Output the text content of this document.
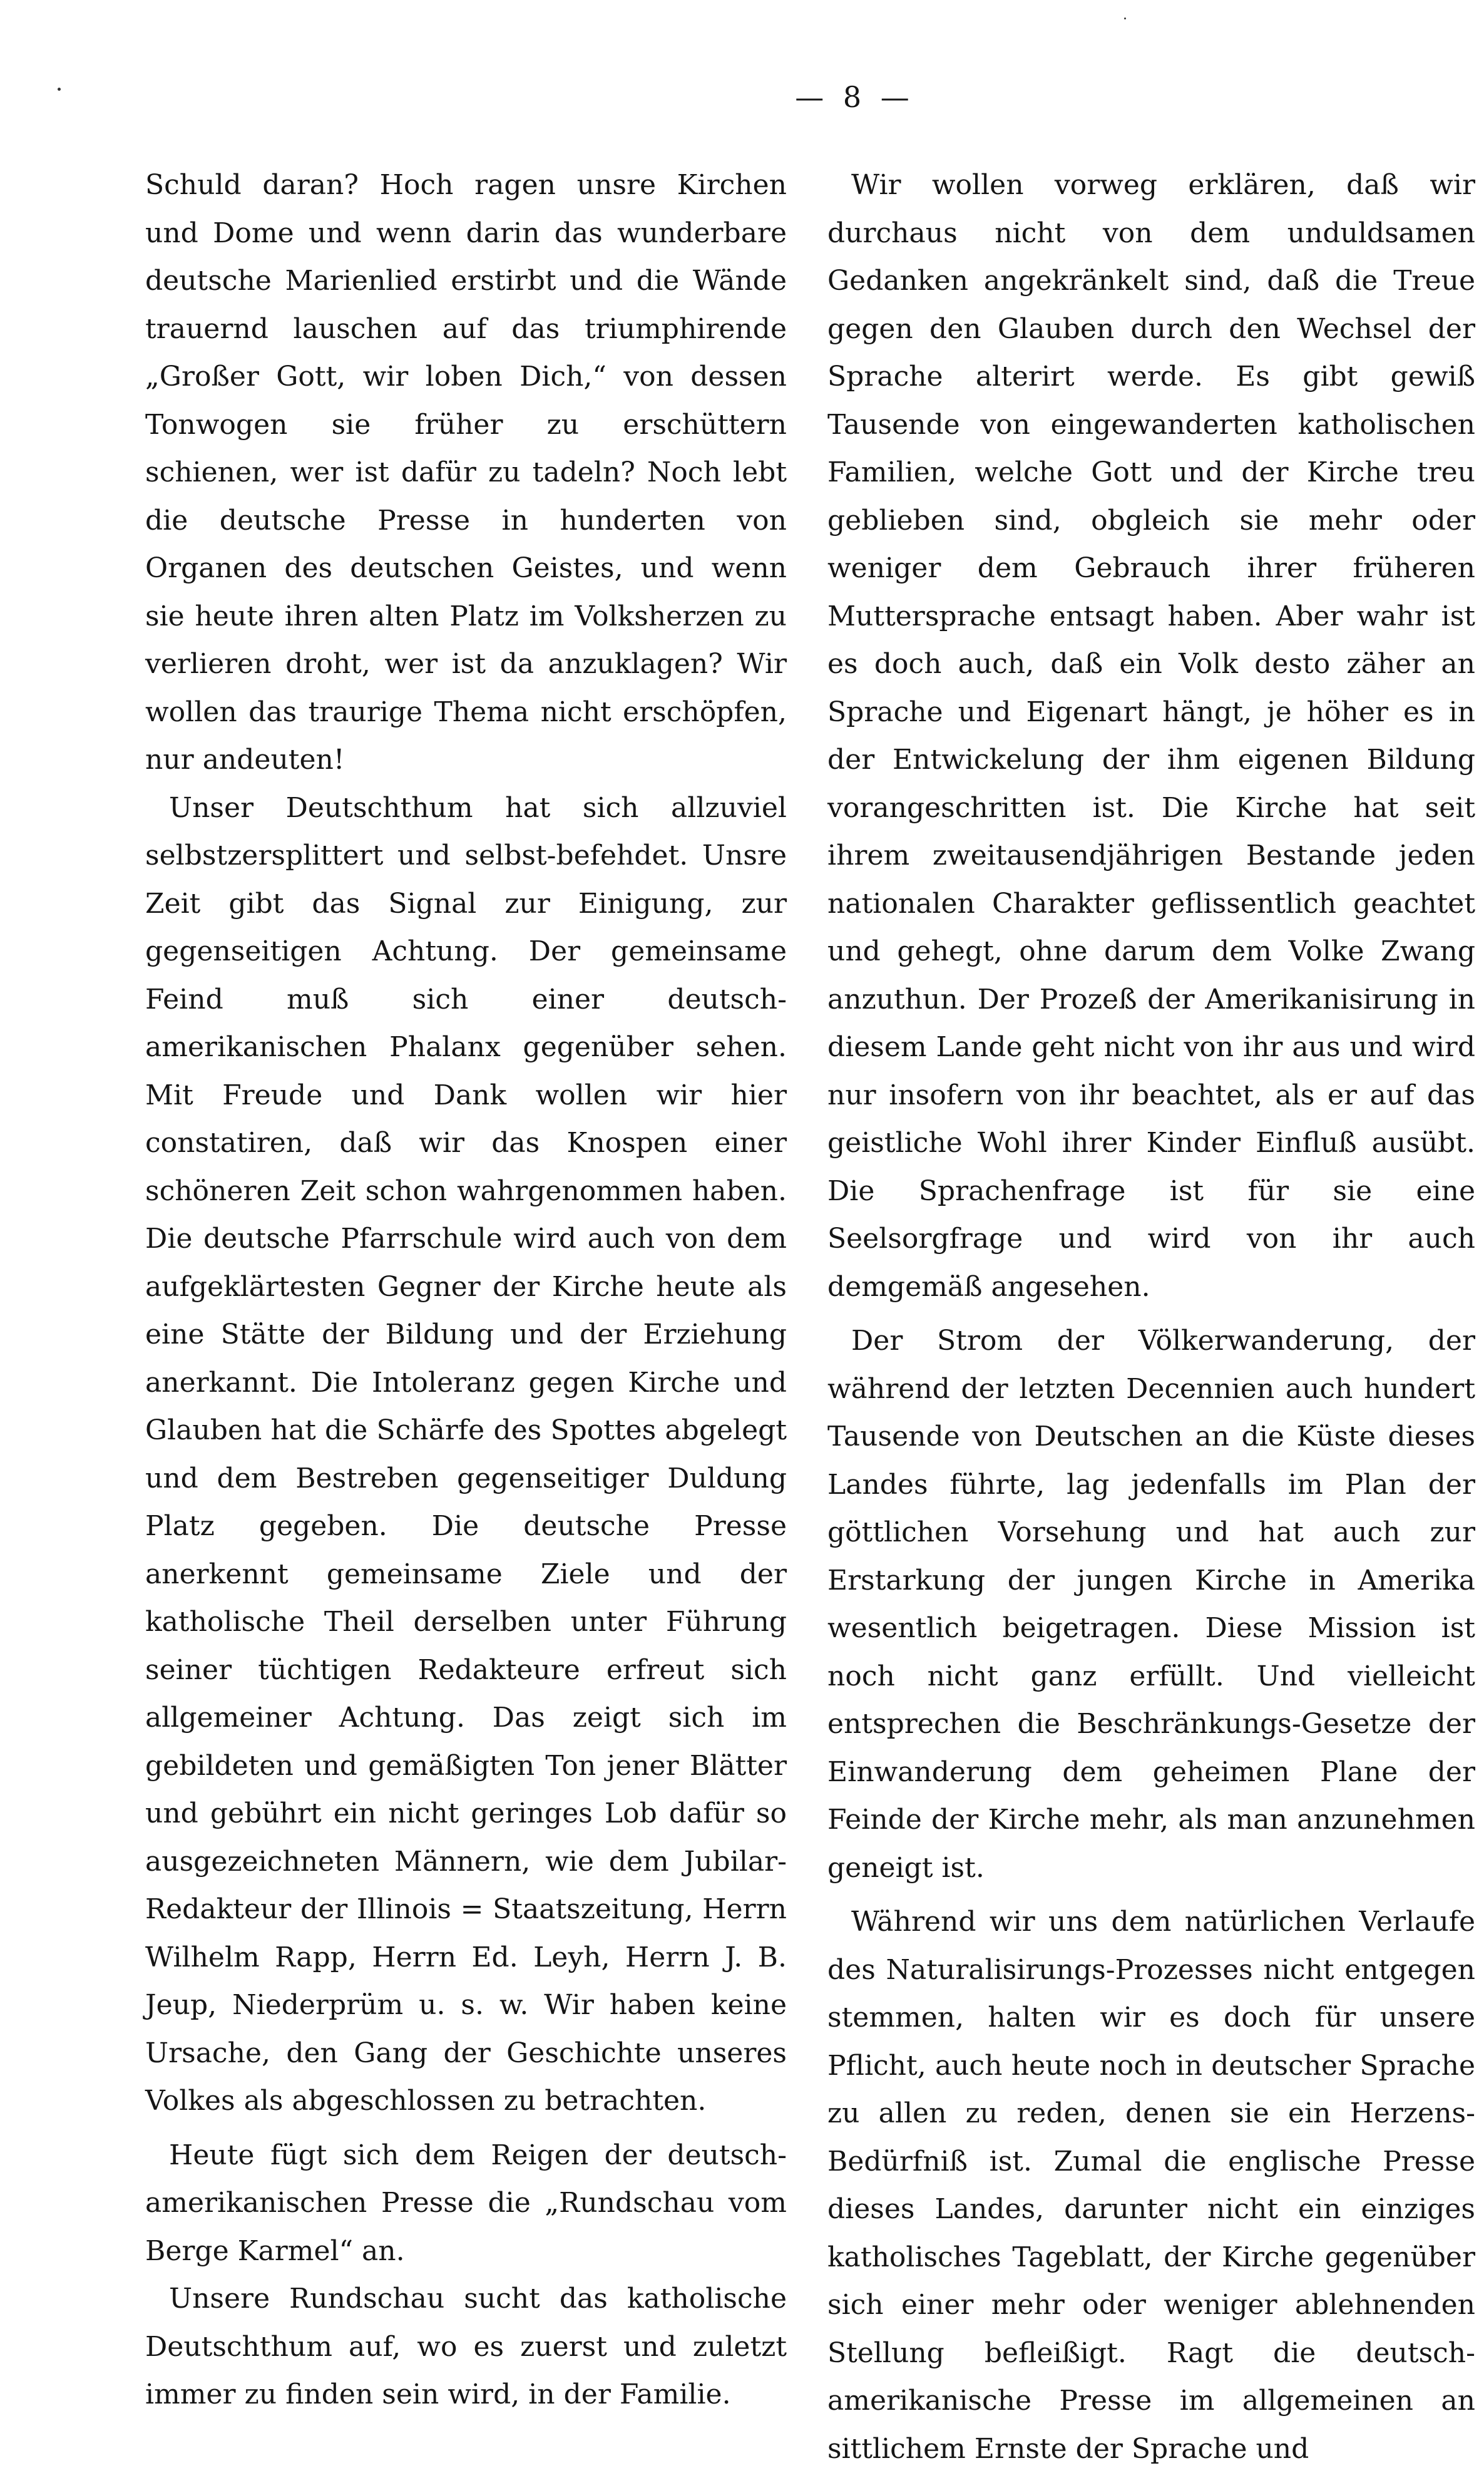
— 8 —

Schuld daran? Hoch ragen unsre Kirchen und Dome und wenn darin das wunderbare deutsche Marienlied erstirbt und die Wände trauernd lauschen auf das triumphirende „Großer Gott, wir loben Dich,“ von dessen Tonwogen sie früher zu erschüttern schienen, wer ist dafür zu tadeln? Noch lebt die deutsche Presse in hunderten von Organen des deutschen Geistes, und wenn sie heute ihren alten Platz im Volksherzen zu verlieren droht, wer ist da anzuklagen? Wir wollen das traurige Thema nicht erschöpfen, nur andeuten!

Unser Deutschthum hat sich allzuviel selbstzersplittert und selbst-befehdet. Unsre Zeit gibt das Signal zur Einigung, zur gegenseitigen Achtung. Der gemeinsame Feind muß sich einer deutsch-amerikanischen Phalanx gegenüber sehen. Mit Freude und Dank wollen wir hier constatiren, daß wir das Knospen einer schöneren Zeit schon wahrgenommen haben. Die deutsche Pfarrschule wird auch von dem aufgeklärtesten Gegner der Kirche heute als eine Stätte der Bildung und der Erziehung anerkannt. Die Intoleranz gegen Kirche und Glauben hat die Schärfe des Spottes abgelegt und dem Bestreben gegenseitiger Duldung Platz gegeben. Die deutsche Presse anerkennt gemeinsame Ziele und der katholische Theil derselben unter Führung seiner tüchtigen Redakteure erfreut sich allgemeiner Achtung. Das zeigt sich im gebildeten und gemäßigten Ton jener Blätter und gebührt ein nicht geringes Lob dafür so ausgezeichneten Männern, wie dem Jubilar-Redakteur der Illinois = Staatszeitung, Herrn Wilhelm Rapp, Herrn Ed. Leyh, Herrn J. B. Jeup, Niederprüm u. s. w. Wir haben keine Ursache, den Gang der Geschichte unseres Volkes als abgeschlossen zu betrachten.

Heute fügt sich dem Reigen der deutsch-amerikanischen Presse die „Rundschau vom Berge Karmel“ an.

Unsere Rundschau sucht das katholische Deutschthum auf, wo es zuerst und zuletzt immer zu finden sein wird, in der Familie.

Wir wollen vorweg erklären, daß wir durchaus nicht von dem unduldsamen Gedanken angekränkelt sind, daß die Treue gegen den Glauben durch den Wechsel der Sprache alterirt werde. Es gibt gewiß Tausende von eingewanderten katholischen Familien, welche Gott und der Kirche treu geblieben sind, obgleich sie mehr oder weniger dem Gebrauch ihrer früheren Muttersprache entsagt haben. Aber wahr ist es doch auch, daß ein Volk desto zäher an Sprache und Eigenart hängt, je höher es in der Entwickelung der ihm eigenen Bildung vorangeschritten ist. Die Kirche hat seit ihrem zweitausendjährigen Bestande jeden nationalen Charakter geflissentlich geachtet und gehegt, ohne darum dem Volke Zwang anzuthun. Der Prozeß der Amerikanisirung in diesem Lande geht nicht von ihr aus und wird nur insofern von ihr beachtet, als er auf das geistliche Wohl ihrer Kinder Einfluß ausübt. Die Sprachenfrage ist für sie eine Seelsorgfrage und wird von ihr auch demgemäß angesehen.

Der Strom der Völkerwanderung, der während der letzten Decennien auch hundert Tausende von Deutschen an die Küste dieses Landes führte, lag jedenfalls im Plan der göttlichen Vorsehung und hat auch zur Erstarkung der jungen Kirche in Amerika wesentlich beigetragen. Diese Mission ist noch nicht ganz erfüllt. Und vielleicht entsprechen die Beschränkungs-Gesetze der Einwanderung dem geheimen Plane der Feinde der Kirche mehr, als man anzunehmen geneigt ist.

Während wir uns dem natürlichen Verlaufe des Naturalisirungs-Prozesses nicht entgegen stemmen, halten wir es doch für unsere Pflicht, auch heute noch in deutscher Sprache zu allen zu reden, denen sie ein Herzens-Bedürfniß ist. Zumal die englische Presse dieses Landes, darunter nicht ein einziges katholisches Tageblatt, der Kirche gegenüber sich einer mehr oder weniger ablehnenden Stellung befleißigt. Ragt die deutsch-amerikanische Presse im allgemeinen an sittlichem Ernste der Sprache und
